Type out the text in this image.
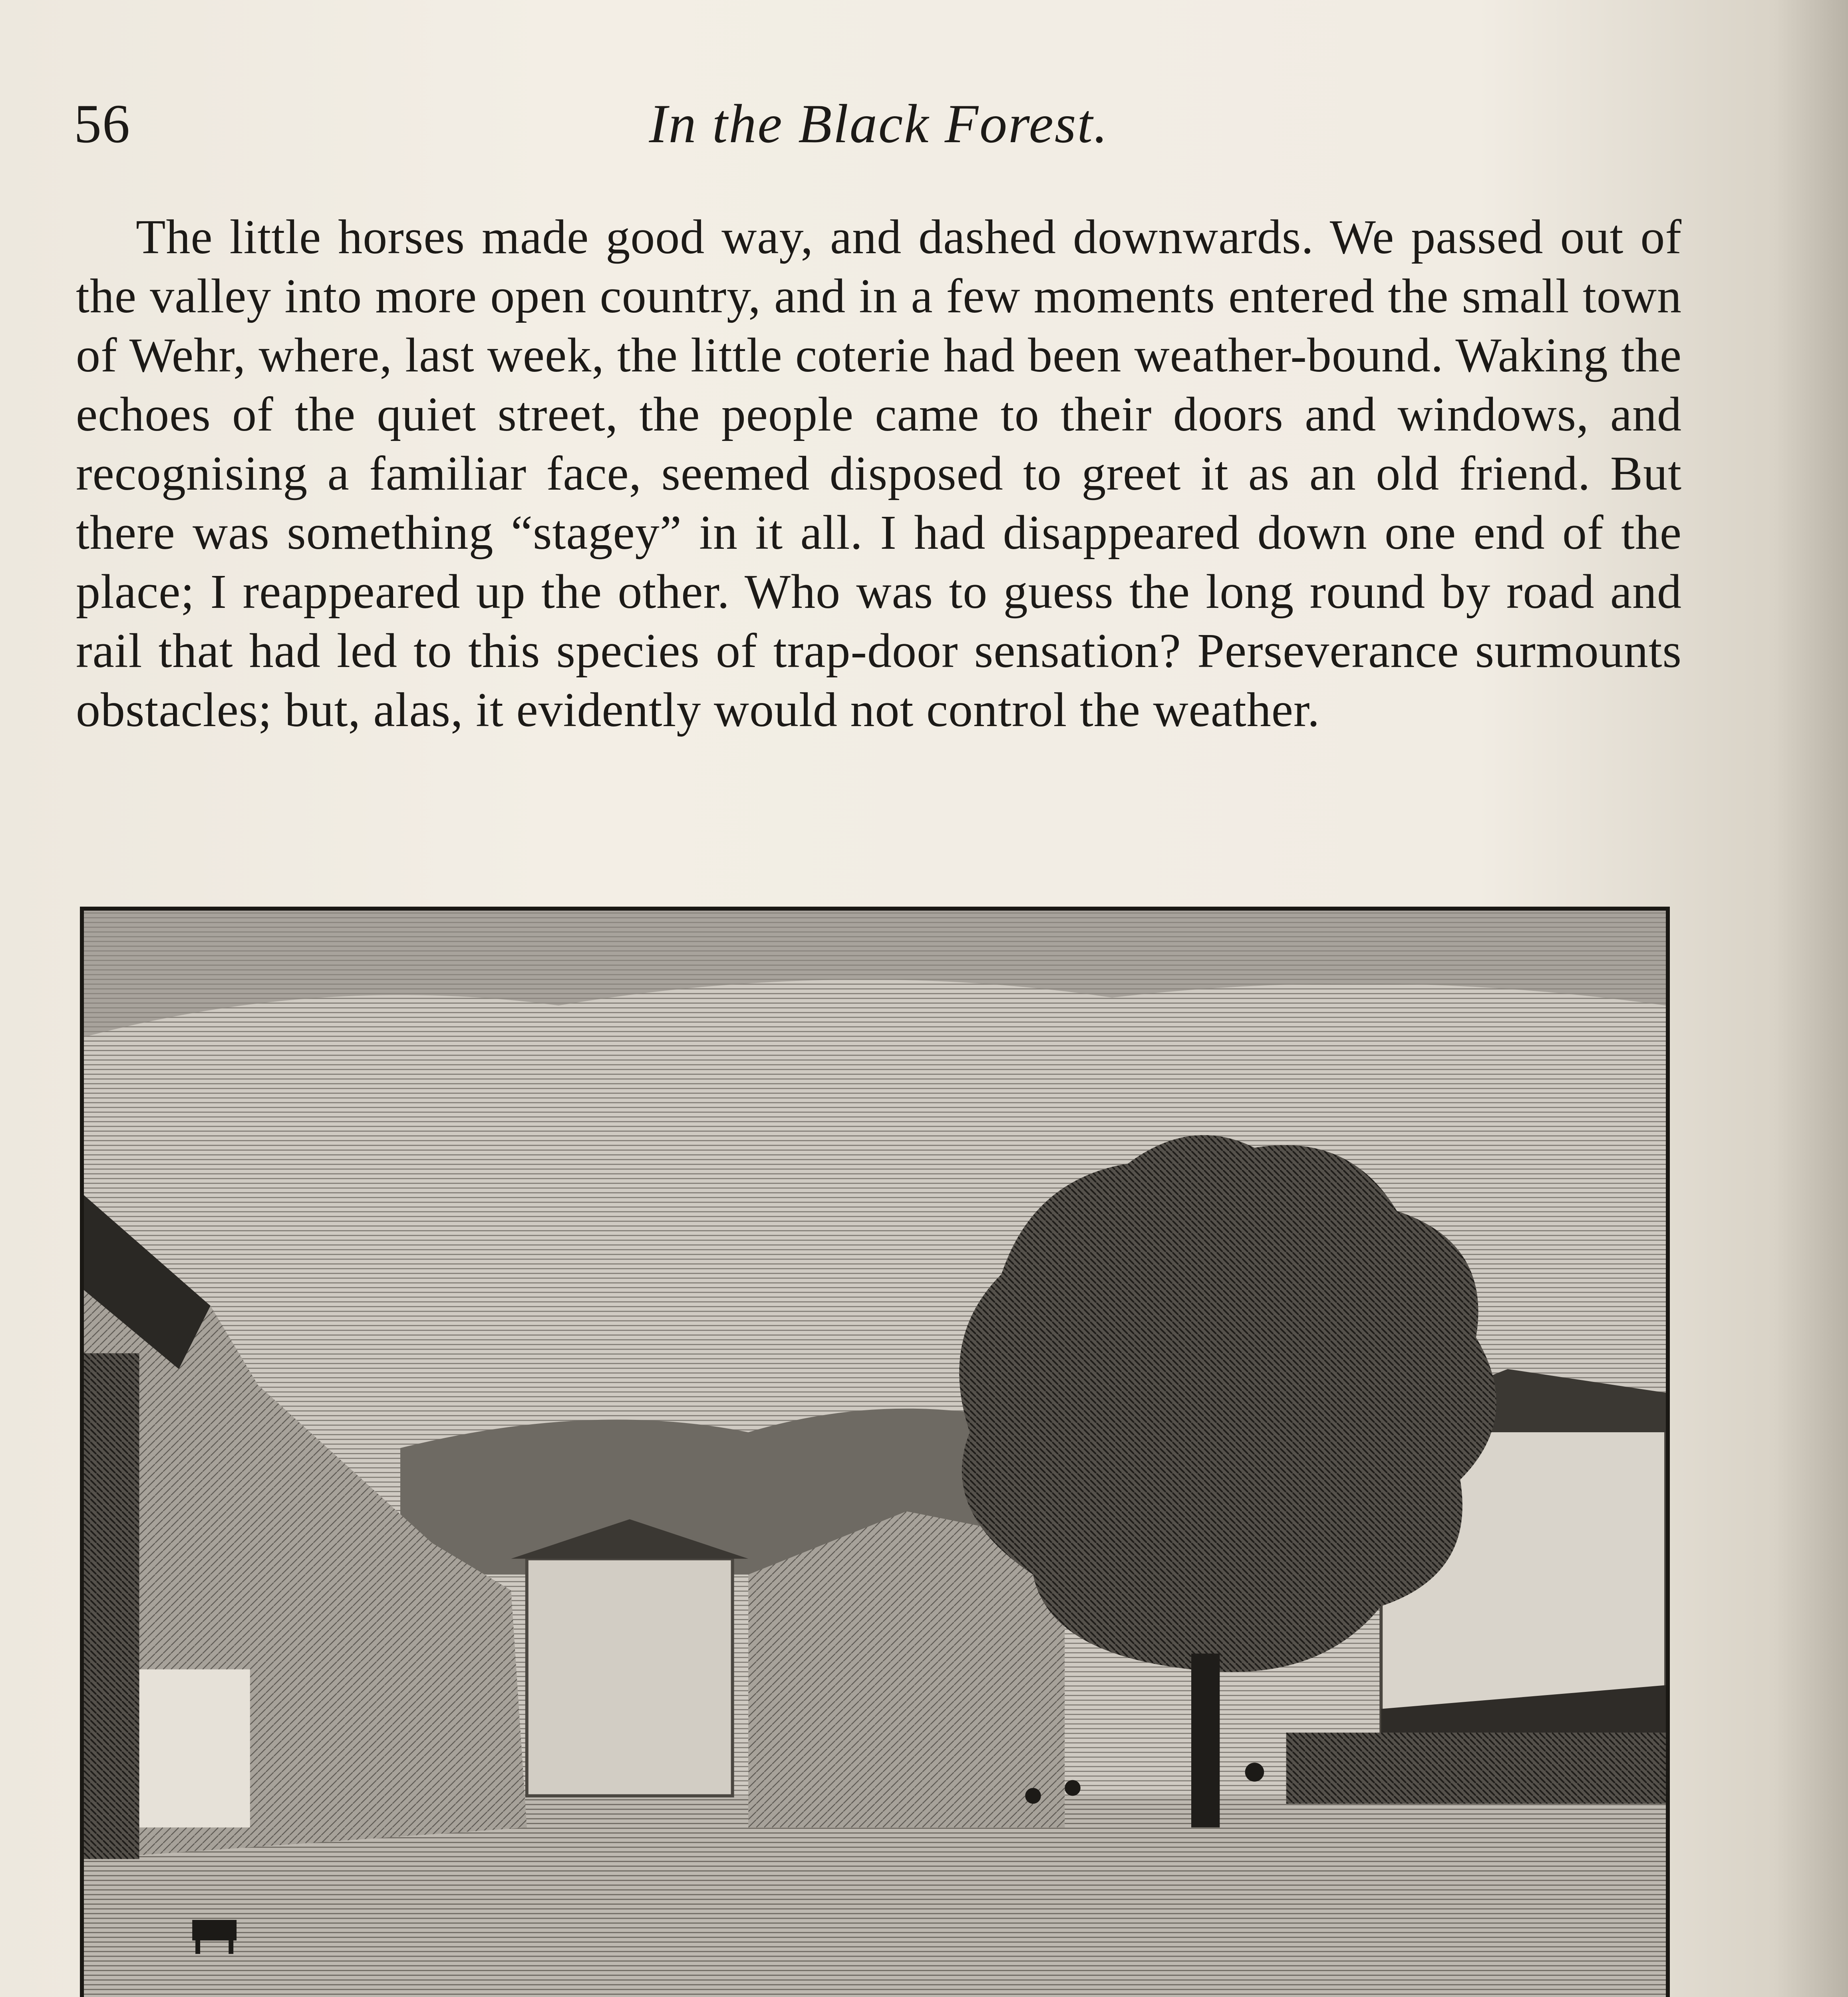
56	In the Black Forest.

The little horses made good way, and dashed downwards. We passed out of the valley into more open country, and in a few moments entered the small town of Wehr, where, last week, the little coterie had been weather-bound. Waking the echoes of the quiet street, the people came to their doors and windows, and recognising a familiar face, seemed disposed to greet it as an old friend. But there was something “stagey” in it all. I had disappeared down one end of the place; I reappeared up the other. Who was to guess the long round by road and rail that had led to this species of trap-door sensation? Perseverance surmounts obstacles; but, alas, it evidently would not control the weather.
